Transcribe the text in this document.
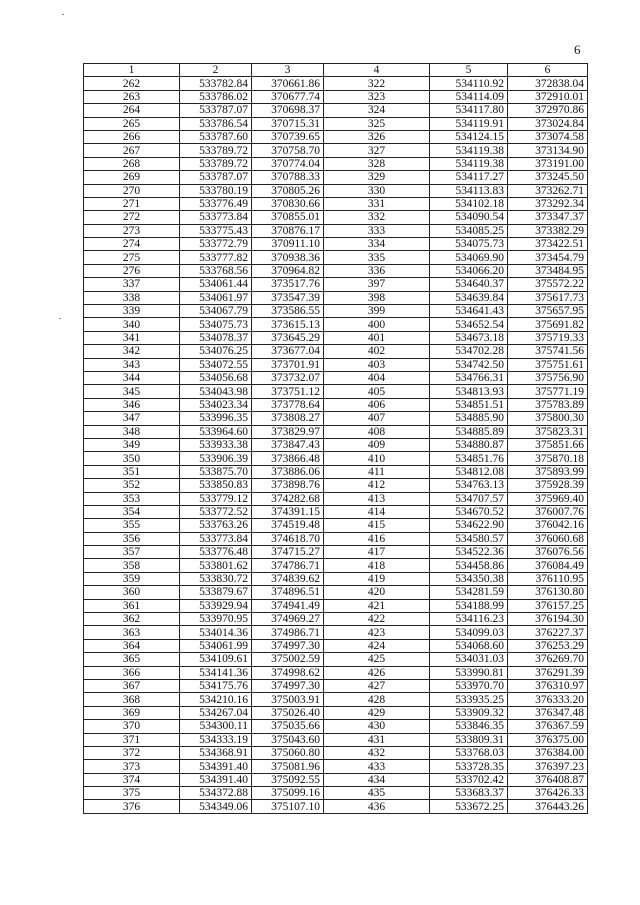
6
1	2	3	4	5	6
262	533782.84	370661.86	322	534110.92	372838.04
263	533786.02	370677.74	323	534114.09	372910.01
264	533787.07	370698.37	324	534117.80	372970.86
265	533786.54	370715.31	325	534119.91	373024.84
266	533787.60	370739.65	326	534124.15	373074.58
267	533789.72	370758.70	327	534119.38	373134.90
268	533789.72	370774.04	328	534119.38	373191.00
269	533787.07	370788.33	329	534117.27	373245.50
270	533780.19	370805.26	330	534113.83	373262.71
271	533776.49	370830.66	331	534102.18	373292.34
272	533773.84	370855.01	332	534090.54	373347.37
273	533775.43	370876.17	333	534085.25	373382.29
274	533772.79	370911.10	334	534075.73	373422.51
275	533777.82	370938.36	335	534069.90	373454.79
276	533768.56	370964.82	336	534066.20	373484.95
337	534061.44	373517.76	397	534640.37	375572.22
338	534061.97	373547.39	398	534639.84	375617.73
339	534067.79	373586.55	399	534641.43	375657.95
340	534075.73	373615.13	400	534652.54	375691.82
341	534078.37	373645.29	401	534673.18	375719.33
342	534076.25	373677.04	402	534702.28	375741.56
343	534072.55	373701.91	403	534742.50	375751.61
344	534056.68	373732.07	404	534766.31	375756.90
345	534043.98	373751.12	405	534813.93	375771.19
346	534023.34	373778.64	406	534851.51	375783.89
347	533996.35	373808.27	407	534885.90	375800.30
348	533964.60	373829.97	408	534885.89	375823.31
349	533933.38	373847.43	409	534880.87	375851.66
350	533906.39	373866.48	410	534851.76	375870.18
351	533875.70	373886.06	411	534812.08	375893.99
352	533850.83	373898.76	412	534763.13	375928.39
353	533779.12	374282.68	413	534707.57	375969.40
354	533772.52	374391.15	414	534670.52	376007.76
355	533763.26	374519.48	415	534622.90	376042.16
356	533773.84	374618.70	416	534580.57	376060.68
357	533776.48	374715.27	417	534522.36	376076.56
358	533801.62	374786.71	418	534458.86	376084.49
359	533830.72	374839.62	419	534350.38	376110.95
360	533879.67	374896.51	420	534281.59	376130.80
361	533929.94	374941.49	421	534188.99	376157.25
362	533970.95	374969.27	422	534116.23	376194.30
363	534014.36	374986.71	423	534099.03	376227.37
364	534061.99	374997.30	424	534068.60	376253.29
365	534109.61	375002.59	425	534031.03	376269.70
366	534141.36	374998.62	426	533990.81	376291.39
367	534175.76	374997.30	427	533970.70	376310.97
368	534210.16	375003.91	428	533935.25	376333.20
369	534267.04	375026.40	429	533909.32	376347.48
370	534300.11	375035.66	430	533846.35	376367.59
371	534333.19	375043.60	431	533809.31	376375.00
372	534368.91	375060.80	432	533768.03	376384.00
373	534391.40	375081.96	433	533728.35	376397.23
374	534391.40	375092.55	434	533702.42	376408.87
375	534372.88	375099.16	435	533683.37	376426.33
376	534349.06	375107.10	436	533672.25	376443.26
